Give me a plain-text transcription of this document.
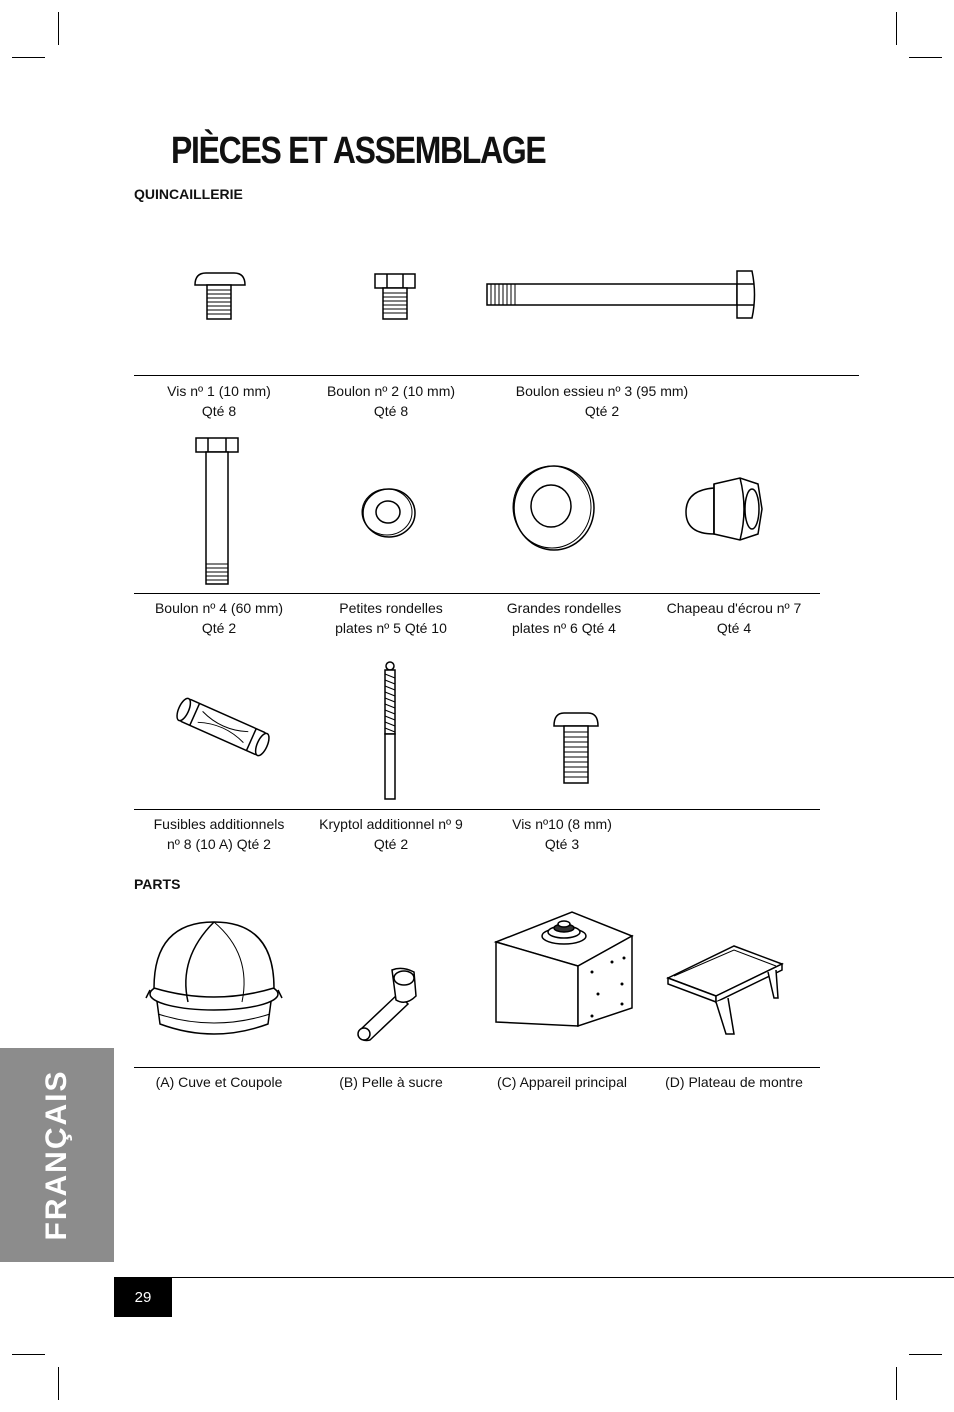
PIÈCES ET ASSEMBLAGE
QUINCAILLERIE
Vis nº 1 (10 mm)
Qté 8
Boulon nº 2 (10 mm)
Qté 8
Boulon essieu nº 3 (95 mm)
Qté 2
Boulon nº 4 (60 mm)
Qté 2
Petites rondelles
plates nº 5 Qté 10
Grandes rondelles
plates nº 6 Qté 4
Chapeau d'écrou nº 7
Qté 4
Fusibles additionnels
nº 8 (10 A) Qté 2
Kryptol additionnel nº 9
Qté 2
Vis nº10 (8 mm)
Qté 3
PARTS
(A) Cuve et Coupole	(B) Pelle à sucre	(C) Appareil principal	(D) Plateau de montre
FRANÇAIS
29
